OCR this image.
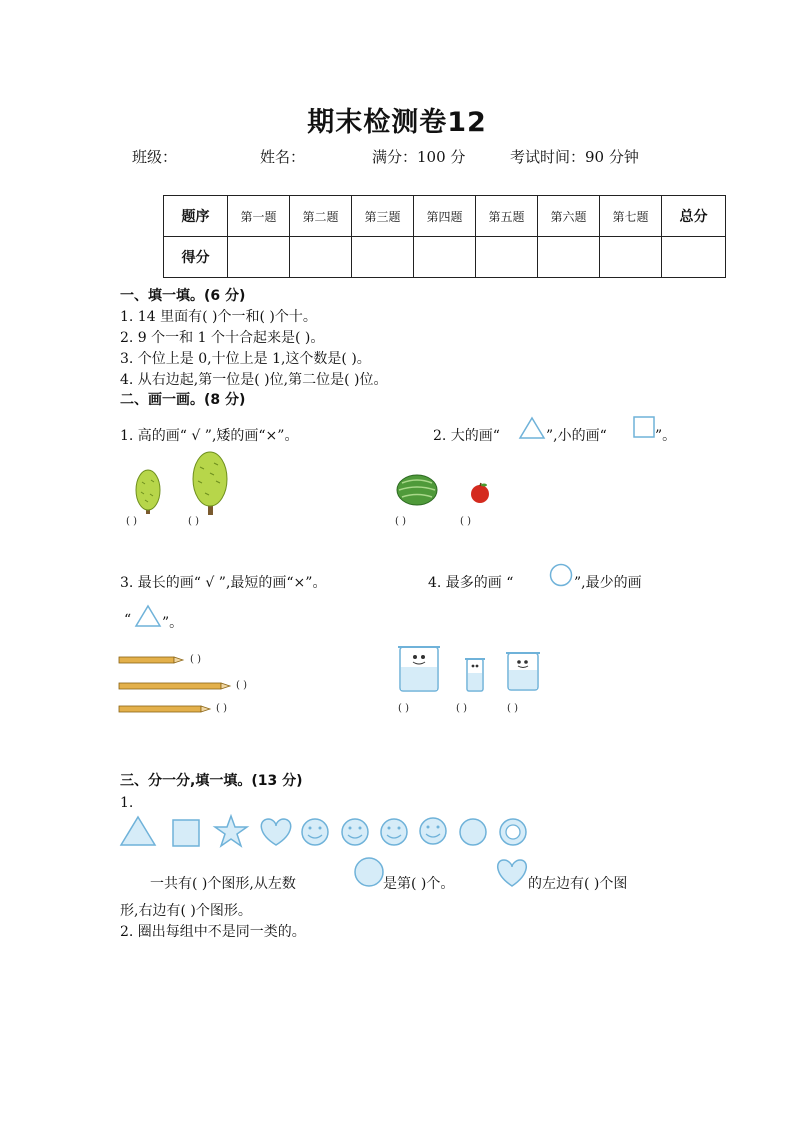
期末检测卷12
班级：	姓名：	满分：100 分	考试时间：90 分钟
题序	第一题	第二题	第三题	第四题	第五题	第六题	第七题	总分
得分								
一、填一填。(6 分)
1. 14 里面有( )个一和( )个十。
2. 9 个一和 1 个十合起来是( )。
3. 个位上是 0,十位上是 1,这个数是( )。
4. 从右边起,第一位是( )位,第二位是( )位。
二、画一画。(8 分)
1. 高的画“ √ ”,矮的画“×”。	2. 大的画“	”,小的画“	”。
( )	( )	( )	( )
3. 最长的画“ √ ”,最短的画“×”。	4. 最多的画 “	”,最少的画
“ ”。
( )
( )
( )	( )	( )	( )
三、分一分,填一填。(13 分)
1.
一共有( )个图形,从左数	是第( )个。	的左边有( )个图
形,右边有( )个图形。
2. 圈出每组中不是同一类的。
